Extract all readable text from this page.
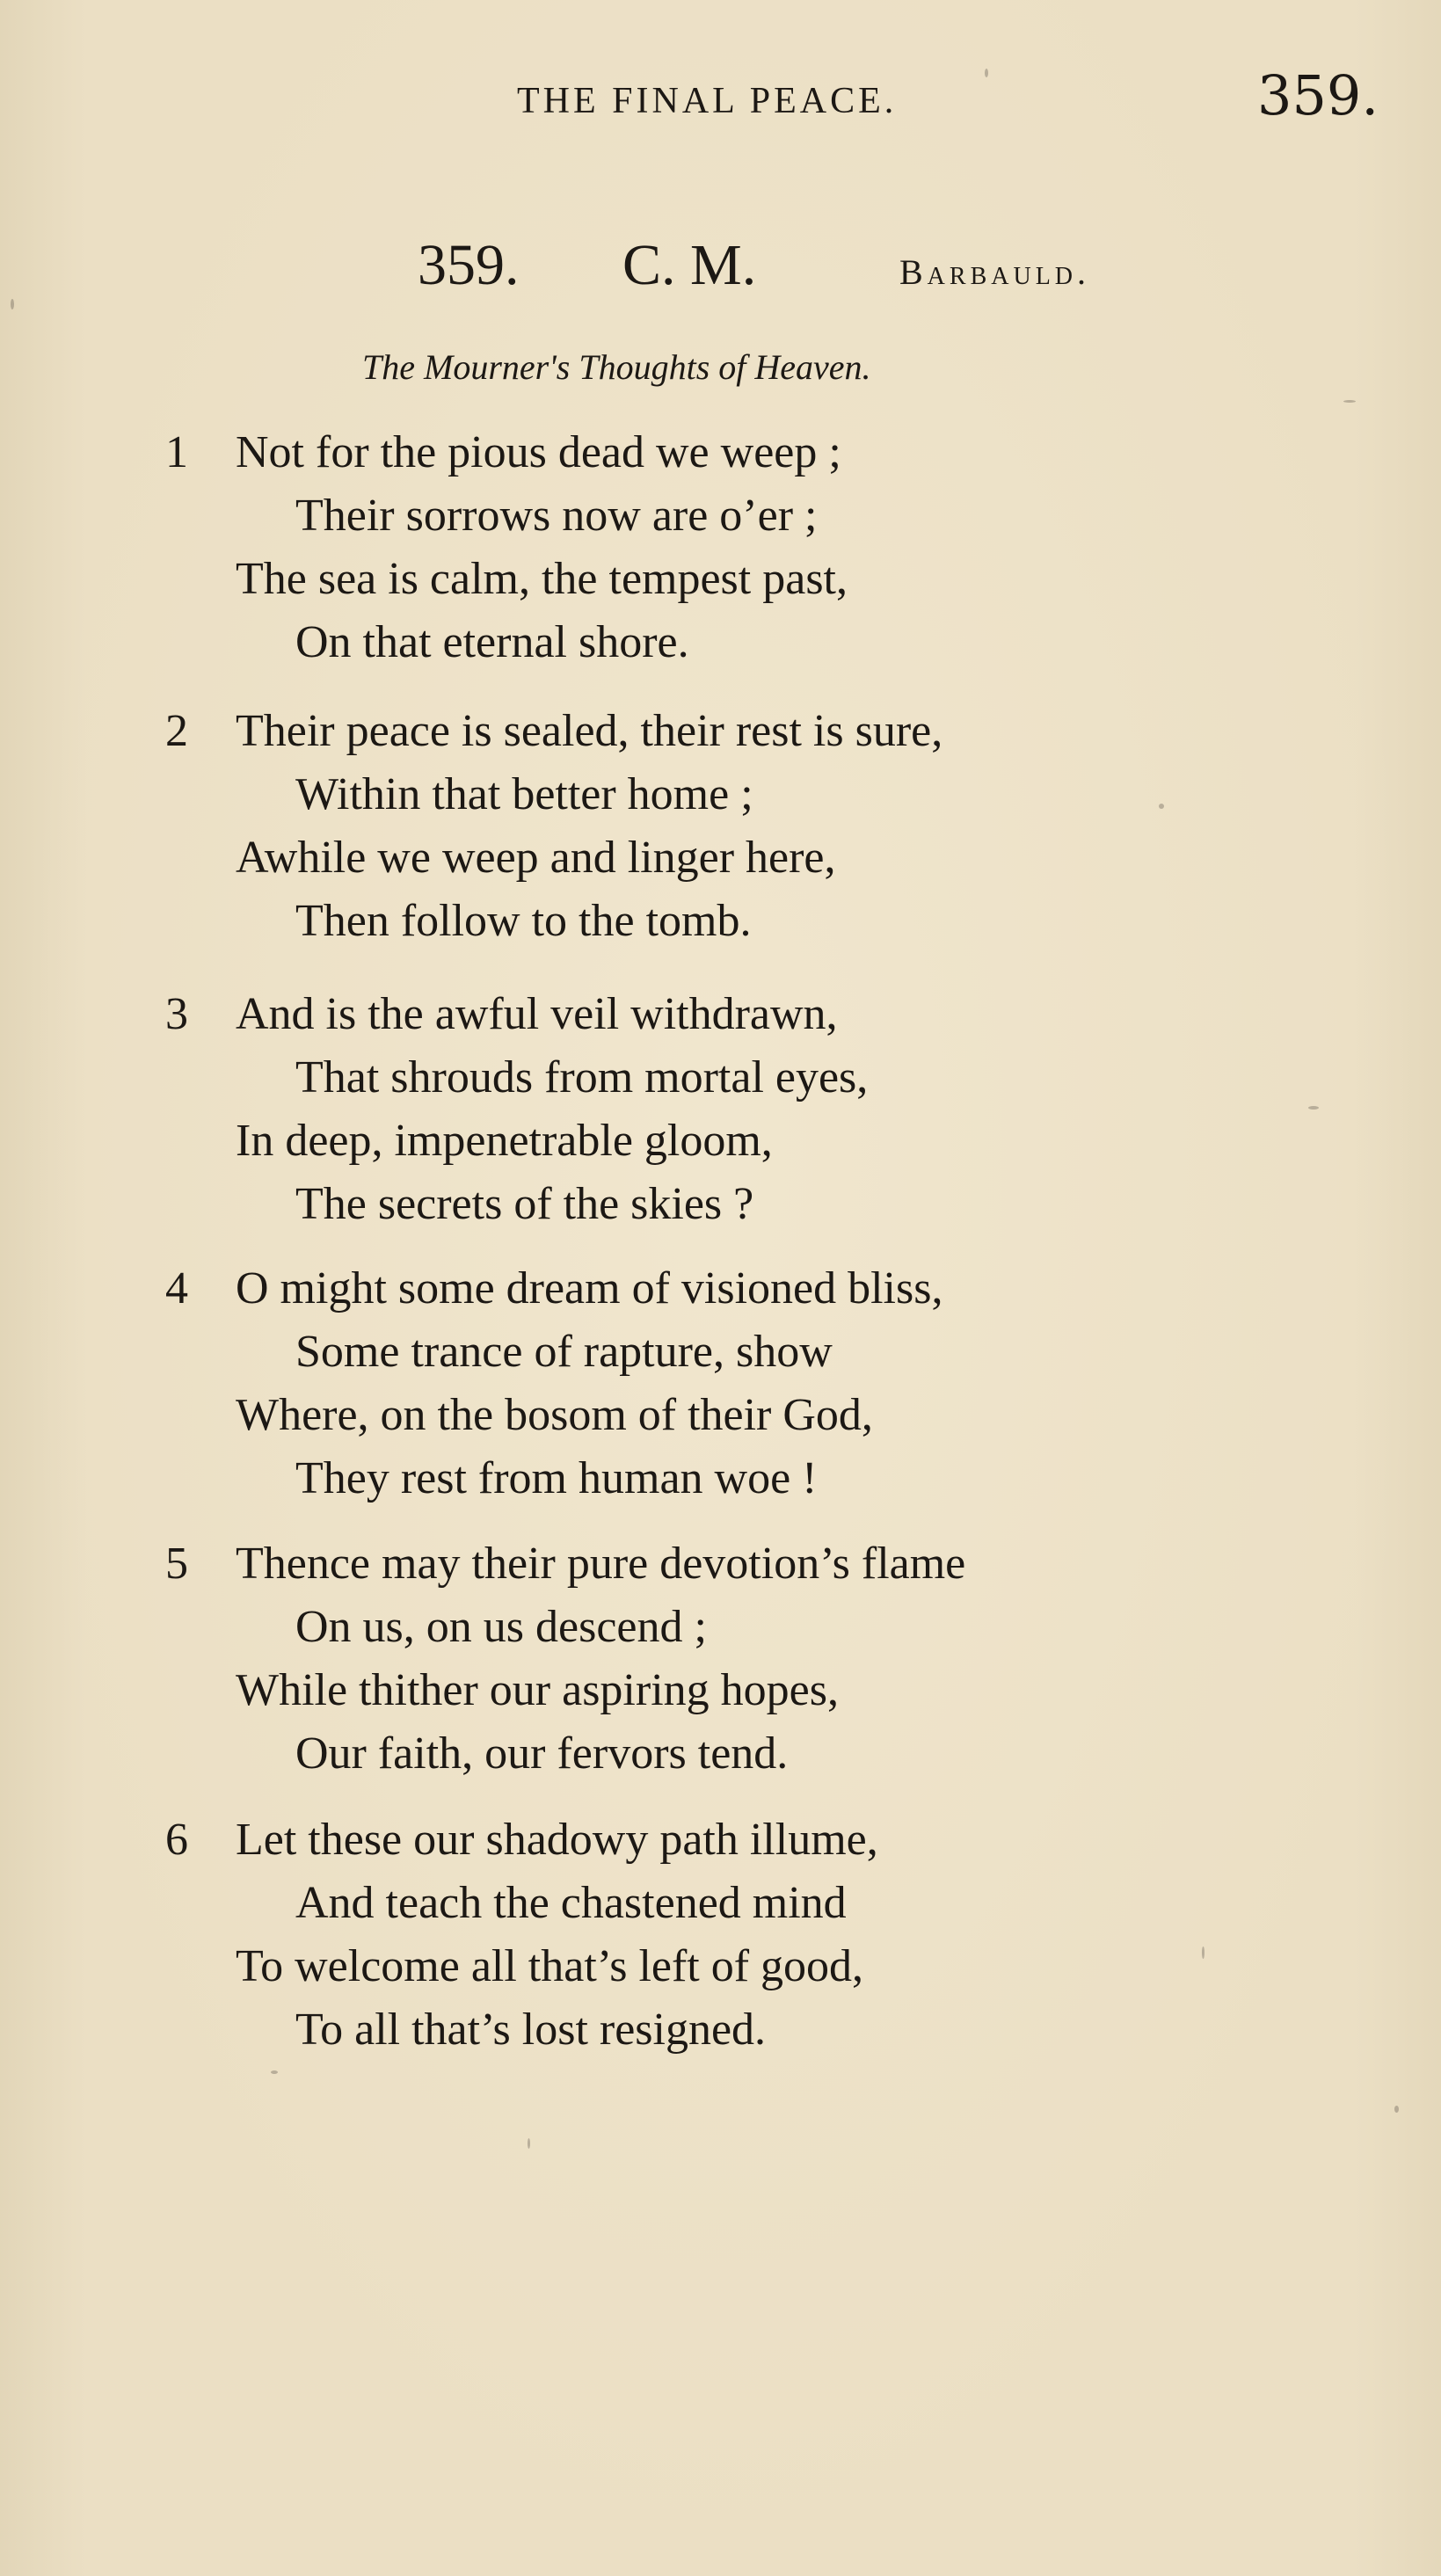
THE FINAL PEACE.	359.
359. C. M.	Barbauld.
The Mourner's Thoughts of Heaven.
1 Not for the pious dead we weep ;
Their sorrows now are o’er ;
The sea is calm, the tempest past,
On that eternal shore.
2 Their peace is sealed, their rest is sure,
Within that better home ;
Awhile we weep and linger here,
Then follow to the tomb.
3 And is the awful veil withdrawn,
That shrouds from mortal eyes,
In deep, impenetrable gloom,
The secrets of the skies ?
4 O might some dream of visioned bliss,
Some trance of rapture, show
Where, on the bosom of their God,
They rest from human woe !
5 Thence may their pure devotion’s flame
On us, on us descend ;
While thither our aspiring hopes,
Our faith, our fervors tend.
6 Let these our shadowy path illume,
And teach the chastened mind
To welcome all that’s left of good,
To all that’s lost resigned.
